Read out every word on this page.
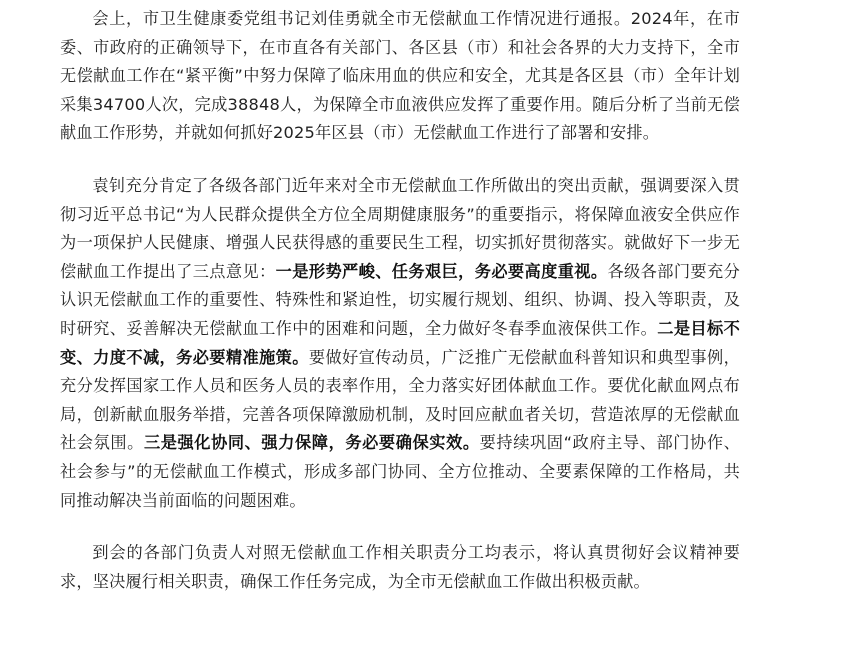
会上，市卫生健康委党组书记刘佳勇就全市无偿献血工作情况进行通报。2024年，在市委、市政府的正确领导下，在市直各有关部门、各区县（市）和社会各界的大力支持下，全市无偿献血工作在“紧平衡”中努力保障了临床用血的供应和安全，尤其是各区县（市）全年计划采集34700人次，完成38848人，为保障全市血液供应发挥了重要作用。随后分析了当前无偿献血工作形势，并就如何抓好2025年区县（市）无偿献血工作进行了部署和安排。

袁钊充分肯定了各级各部门近年来对全市无偿献血工作所做出的突出贡献，强调要深入贯彻习近平总书记“为人民群众提供全方位全周期健康服务”的重要指示，将保障血液安全供应作为一项保护人民健康、增强人民获得感的重要民生工程，切实抓好贯彻落实。就做好下一步无偿献血工作提出了三点意见：一是形势严峻、任务艰巨，务必要高度重视。各级各部门要充分认识无偿献血工作的重要性、特殊性和紧迫性，切实履行规划、组织、协调、投入等职责，及时研究、妥善解决无偿献血工作中的困难和问题，全力做好冬春季血液保供工作。二是目标不变、力度不减，务必要精准施策。要做好宣传动员，广泛推广无偿献血科普知识和典型事例，充分发挥国家工作人员和医务人员的表率作用，全力落实好团体献血工作。要优化献血网点布局，创新献血服务举措，完善各项保障激励机制，及时回应献血者关切，营造浓厚的无偿献血社会氛围。三是强化协同、强力保障，务必要确保实效。要持续巩固“政府主导、部门协作、社会参与”的无偿献血工作模式，形成多部门协同、全方位推动、全要素保障的工作格局，共同推动解决当前面临的问题困难。

到会的各部门负责人对照无偿献血工作相关职责分工均表示，将认真贯彻好会议精神要求，坚决履行相关职责，确保工作任务完成，为全市无偿献血工作做出积极贡献。
